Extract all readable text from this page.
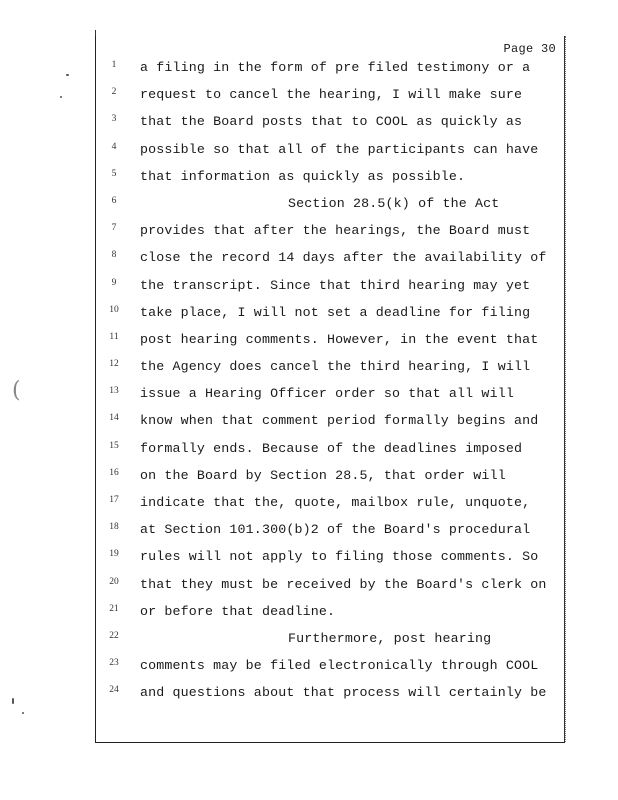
(
Page 30
1	a filing in the form of pre filed testimony or a
2	request to cancel the hearing, I will make sure
3	that the Board posts that to COOL as quickly as
4	possible so that all of the participants can have
5	that information as quickly as possible.
6	Section 28.5(k) of the Act
7	provides that after the hearings, the Board must
8	close the record 14 days after the availability of
9	the transcript. Since that third hearing may yet
10	take place, I will not set a deadline for filing
11	post hearing comments. However, in the event that
12	the Agency does cancel the third hearing, I will
13	issue a Hearing Officer order so that all will
14	know when that comment period formally begins and
15	formally ends. Because of the deadlines imposed
16	on the Board by Section 28.5, that order will
17	indicate that the, quote, mailbox rule, unquote,
18	at Section 101.300(b)2 of the Board's procedural
19	rules will not apply to filing those comments. So
20	that they must be received by the Board's clerk on
21	or before that deadline.
22	Furthermore, post hearing
23	comments may be filed electronically through COOL
24	and questions about that process will certainly be
